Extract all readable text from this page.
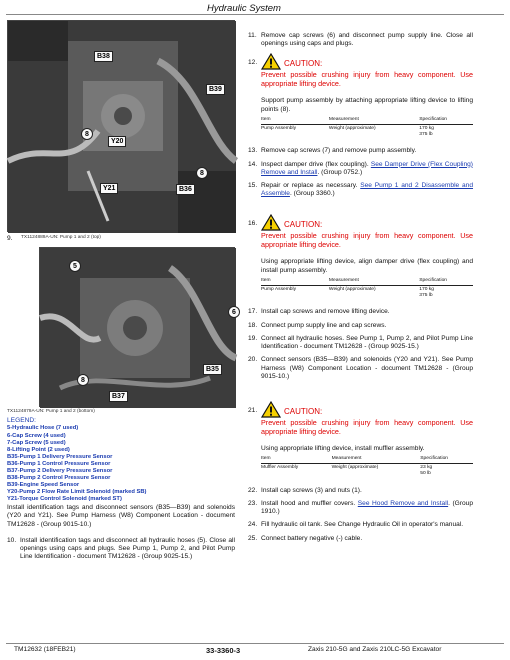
Hydraulic System
B38
B39
8
Y20
Y21	B36
8
9.	TX1124889A-UN: Pump 1 and 2 (top)
5
6
8
B35
B37
TX1124879A-UN: Pump 1 and 2 (bottom)
LEGEND:
5-Hydraulic Hose (7 used)
6-Cap Screw (4 used)
7-Cap Screw (5 used)
8-Lifting Point (2 used)
B35-Pump 1 Delivery Pressure Sensor
B36-Pump 1 Control Pressure Sensor
B37-Pump 2 Delivery Pressure Sensor
B38-Pump 2 Control Pressure Sensor
B39-Engine Speed Sensor
Y20-Pump 2 Flow Rate Limit Solenoid (marked SB)
Y21-Torque Control Solenoid (marked ST)
Install identification tags and disconnect sensors (B35—B39) and solenoids (Y20 and Y21). See Pump Harness (W8) Component Location - document TM12628 - (Group 9015-10.)
10. Install identification tags and disconnect all hydraulic hoses (5). Close all openings using caps and plugs. See Pump 1, Pump 2, and Pilot Pump Line Identification - document TM12628 - (Group 9025-15.)
11. Remove cap screws (6) and disconnect pump supply line. Close all openings using caps and plugs.
12.	CAUTION:
Prevent possible crushing injury from heavy component. Use appropriate lifting device.
Support pump assembly by attaching appropriate lifting device to lifting points (8).
Item	Measurement	Specification
Pump Assembly	Weight (approximate)	170 kg
375 lb
13. Remove cap screws (7) and remove pump assembly.
14. Inspect damper drive (flex coupling). See Damper Drive (Flex Coupling) Remove and Install. (Group 0752.)
15. Repair or replace as necessary. See Pump 1 and 2 Disassemble and Assemble. (Group 3360.)
16.	CAUTION:
Prevent possible crushing injury from heavy component. Use appropriate lifting device.
Using appropriate lifting device, align damper drive (flex coupling) and install pump assembly.
Item	Measurement	Specification
Pump Assembly	Weight (approximate)	170 kg
375 lb
17. Install cap screws and remove lifting device.
18. Connect pump supply line and cap screws.
19. Connect all hydraulic hoses. See Pump 1, Pump 2, and Pilot Pump Line Identification - document TM12628 - (Group 9025-15.)
20. Connect sensors (B35—B39) and solenoids (Y20 and Y21). See Pump Harness (W8) Component Location - document TM12628 - (Group 9015-10.)
21.	CAUTION:
Prevent possible crushing injury from heavy component. Use appropriate lifting device.
Using appropriate lifting device, install muffler assembly.
Item	Measurement	Specification
Muffler Assembly	Weight (approximate)	23 kg
50 lb
22. Install cap screws (3) and nuts (1).
23. Install hood and muffler covers. See Hood Remove and Install. (Group 1910.)
24. Fill hydraulic oil tank. See Change Hydraulic Oil in operator's manual.
25. Connect battery negative (-) cable.
TM12632 (18FEB21)	33-3360-3	Zaxis 210-5G and Zaxis 210LC-5G Excavator
